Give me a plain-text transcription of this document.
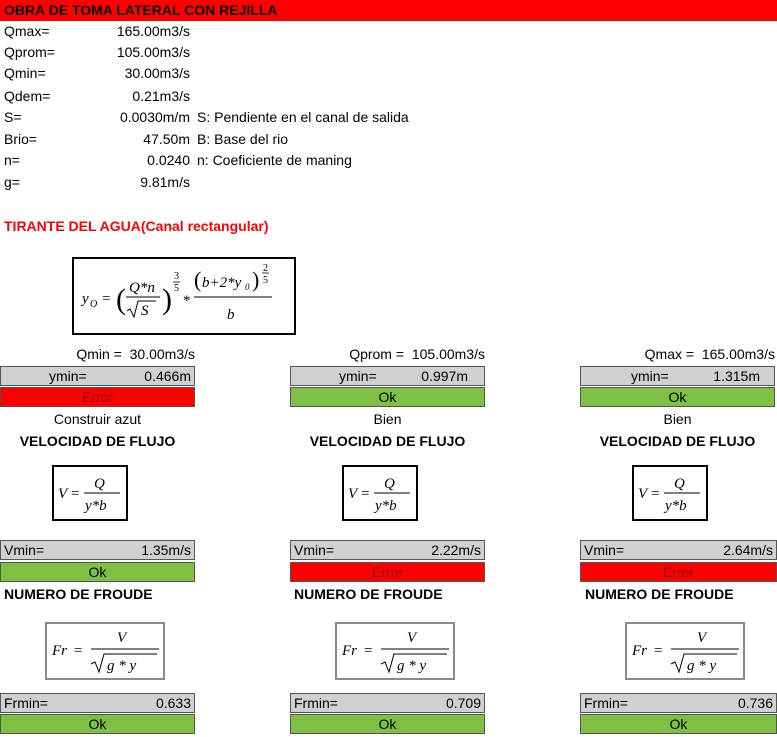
OBRA DE TOMA LATERAL CON REJILLA
Qmax=	165.00m3/s
Qprom=	105.00m3/s
Qmin=	30.00m3/s
Qdem=	0.21m3/s
S=	0.0030m/m S: Pendiente en el canal de salida
Brio=	47.50m B: Base del rio
n=	0.0240 n: Coeficiente de maning
g=	9.81m/s
TIRANTE DEL AGUA(Canal rectangular)
y O = ( Q*n
S )
3
5
*
( b+2*y 0 ) 2
5
b
Qmin = 30.00m3/s
ymin=	0.466m
Error
Construir azut
VELOCIDAD DE FLUJO
V =
Q
y*b
Vmin=	1.35m/s
Ok
NUMERO DE FROUDE
Fr =
V
g * y
Frmin=	0.633
Ok
Qprom = 105.00m3/s
ymin=	0.997m
Ok
Bien
VELOCIDAD DE FLUJO
V =
Q
y*b
Vmin=	2.22m/s
Error
NUMERO DE FROUDE
Fr =
V
g * y
Frmin=	0.709
Ok
Qmax = 165.00m3/s
ymin=	1.315m
Ok
Bien
VELOCIDAD DE FLUJO
V =
Q
y*b
Vmin=	2.64m/s
Error
NUMERO DE FROUDE
Fr =
V
g * y
Frmin=	0.736
Ok
